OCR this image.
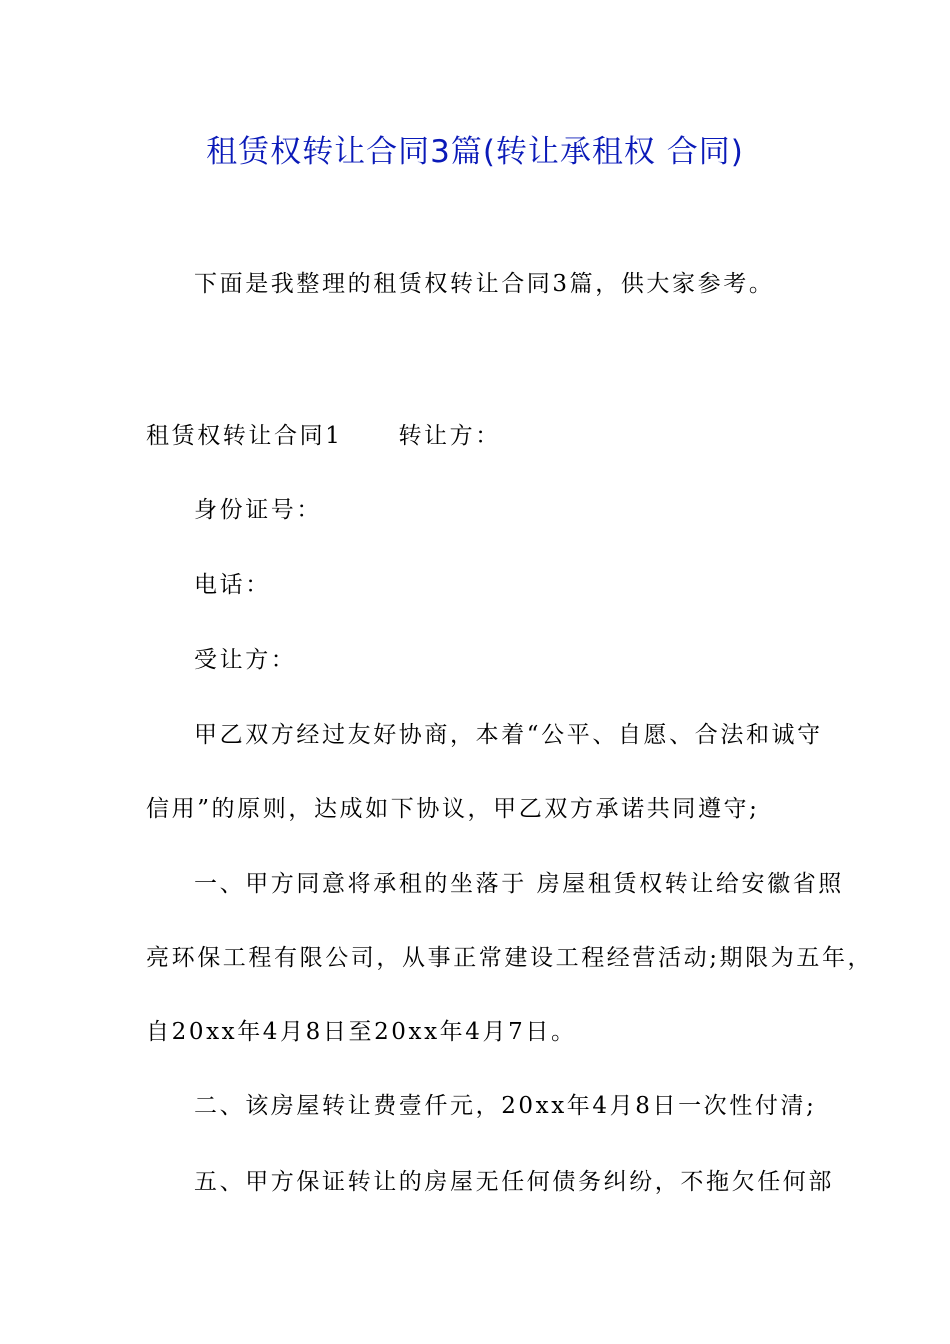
租赁权转让合同3篇(转让承租权 合同)
下面是我整理的租赁权转让合同3篇，供大家参考。
租赁权转让合同1 转让方：
身份证号：
电话：
受让方：
甲乙双方经过友好协商，本着“公平、自愿、合法和诚守
信用”的原则，达成如下协议，甲乙双方承诺共同遵守;
一、甲方同意将承租的坐落于 房屋租赁权转让给安徽省照
亮环保工程有限公司，从事正常建设工程经营活动;期限为五年，
自20xx年4月8日至20xx年4月7日。
二、该房屋转让费壹仟元，20xx年4月8日一次性付清;
五、甲方保证转让的房屋无任何债务纠纷，不拖欠任何部
